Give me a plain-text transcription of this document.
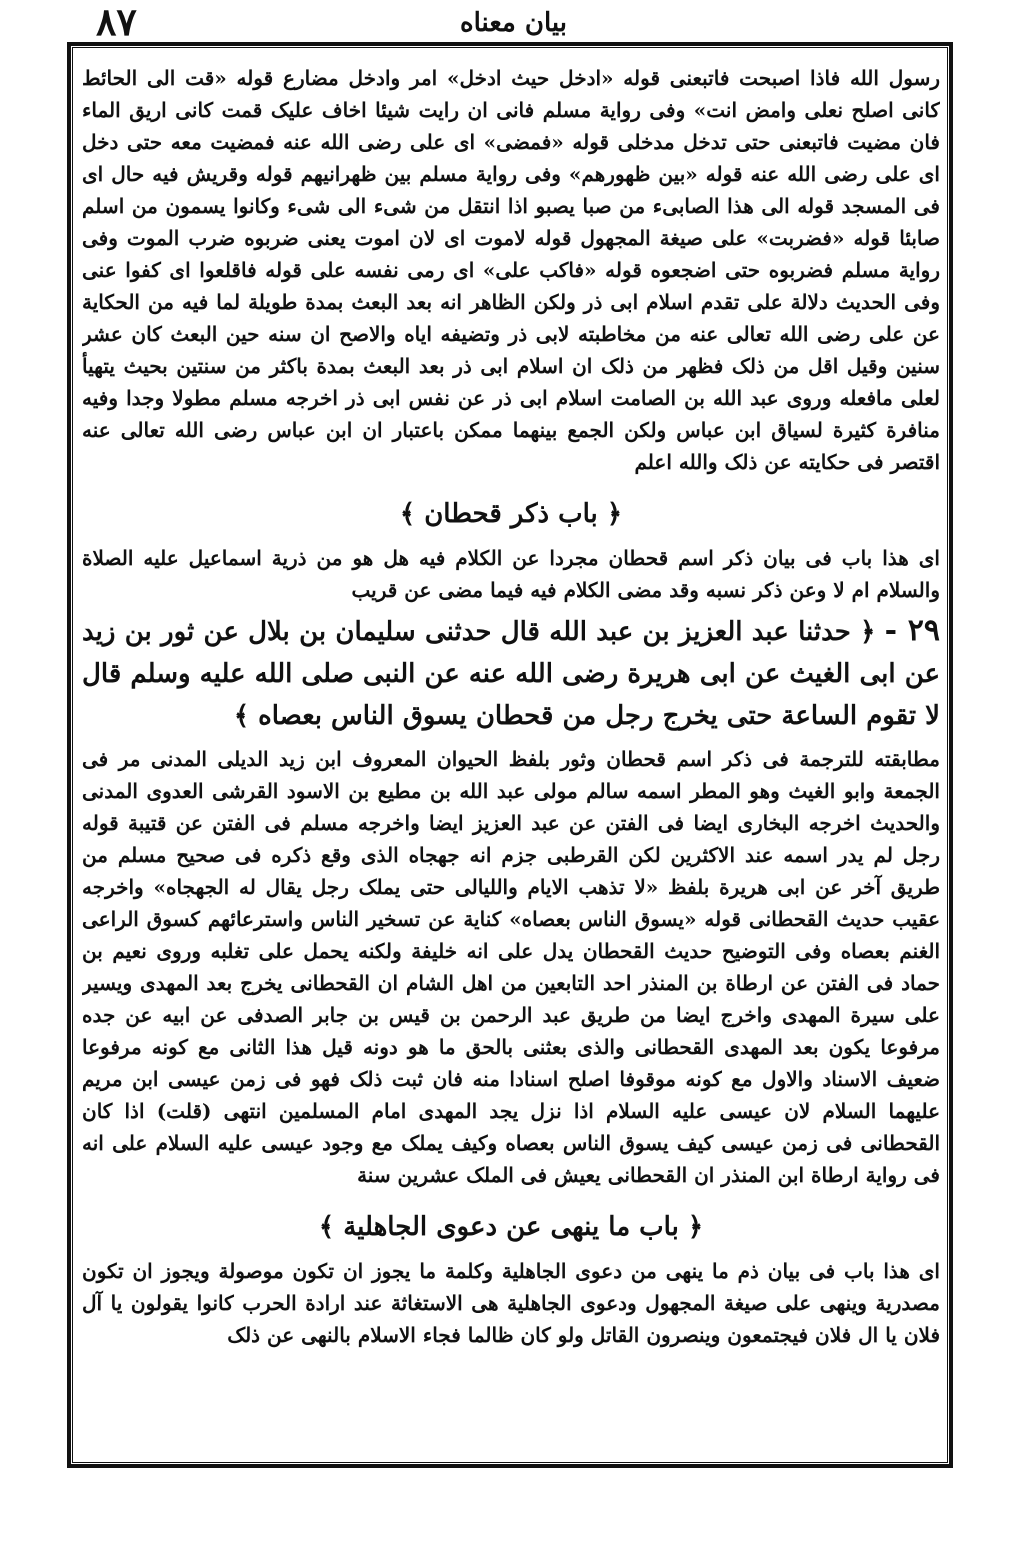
٨٧	بیان معناه

رسول الله فاذا اصبحت فاتبعنی قوله «ادخل حیث ادخل» امر وادخل مضارع قوله «قت الی الحائط کانی اصلح نعلی وامض انت» وفی روایة مسلم فانی ان رایت شیئا اخاف علیک قمت کانی اریق الماء فان مضیت فاتبعنی حتی تدخل مدخلی قوله «فمضی» ای علی رضی الله عنه فمضیت معه حتی دخل ای علی رضی الله عنه قوله «بین ظهورهم» وفی روایة مسلم بین ظهرانیهم قوله وقریش فیه حال ای فی المسجد قوله الی هذا الصابیء من صبا یصبو اذا انتقل من شیء الی شیء وکانوا یسمون من اسلم صابئا قوله «فضربت» علی صیغة المجهول قوله لاموت ای لان اموت یعنی ضربوه ضرب الموت وفی روایة مسلم فضربوه حتی اضجعوه قوله «فاکب علی» ای رمی نفسه علی قوله فاقلعوا ای کفوا عنی وفی الحدیث دلالة علی تقدم اسلام ابی ذر ولکن الظاهر انه بعد البعث بمدة طویلة لما فیه من الحکایة عن علی رضی الله تعالی عنه من مخاطبته لابی ذر وتضیفه ایاه والاصح ان سنه حین البعث کان عشر سنین وقیل اقل من ذلک فظهر من ذلک ان اسلام ابی ذر بعد البعث بمدة باکثر من سنتین بحیث یتهیأ لعلی مافعله وروی عبد الله بن الصامت اسلام ابی ذر عن نفس ابی ذر اخرجه مسلم مطولا وجدا وفیه منافرة کثیرة لسیاق ابن عباس ولکن الجمع بینهما ممکن باعتبار ان ابن عباس رضی الله تعالی عنه اقتصر فی حکایته عن ذلک والله اعلم

﴿ باب ذکر قحطان ﴾

ای هذا باب فی بیان ذکر اسم قحطان مجردا عن الکلام فیه هل هو من ذریة اسماعیل علیه الصلاة والسلام ام لا وعن ذکر نسبه وقد مضی الکلام فیه فیما مضی عن قریب

٢٩ - ﴿ حدثنا عبد العزیز بن عبد الله قال حدثنی سلیمان بن بلال عن ثور بن زید عن ابی الغیث عن ابی هریرة رضی الله عنه عن النبی صلی الله علیه وسلم قال لا تقوم الساعة حتی یخرج رجل من قحطان یسوق الناس بعصاه ﴾

مطابقته للترجمة فی ذکر اسم قحطان وثور بلفظ الحیوان المعروف ابن زید الدیلی المدنی مر فی الجمعة وابو الغیث وهو المطر اسمه سالم مولی عبد الله بن مطیع بن الاسود القرشی العدوی المدنی والحدیث اخرجه البخاری ایضا فی الفتن عن عبد العزیز ایضا واخرجه مسلم فی الفتن عن قتیبة قوله رجل لم یدر اسمه عند الاکثرین لکن القرطبی جزم انه جهجاه الذی وقع ذکره فی صحیح مسلم من طریق آخر عن ابی هریرة بلفظ «لا تذهب الایام واللیالی حتی یملک رجل یقال له الجهجاه» واخرجه عقیب حدیث القحطانی قوله «یسوق الناس بعصاه» کنایة عن تسخیر الناس واسترعائهم کسوق الراعی الغنم بعصاه وفی التوضیح حدیث القحطان یدل علی انه خلیفة ولکنه یحمل علی تغلبه وروی نعیم بن حماد فی الفتن عن ارطاة بن المنذر احد التابعین من اهل الشام ان القحطانی یخرج بعد المهدی ویسیر علی سیرة المهدی واخرج ایضا من طریق عبد الرحمن بن قیس بن جابر الصدفی عن ابیه عن جده مرفوعا یکون بعد المهدی القحطانی والذی بعثنی بالحق ما هو دونه قیل هذا الثانی مع کونه مرفوعا ضعیف الاسناد والاول مع کونه موقوفا اصلح اسنادا منه فان ثبت ذلک فهو فی زمن عیسی ابن مریم علیهما السلام لان عیسی علیه السلام اذا نزل یجد المهدی امام المسلمین انتهی (قلت) اذا کان القحطانی فی زمن عیسی کیف یسوق الناس بعصاه وکیف یملک مع وجود عیسی علیه السلام علی انه فی روایة ارطاة ابن المنذر ان القحطانی یعیش فی الملک عشرین سنة

﴿ باب ما ینهی عن دعوی الجاهلیة ﴾

ای هذا باب فی بیان ذم ما ینهی من دعوی الجاهلیة وکلمة ما یجوز ان تکون موصولة ویجوز ان تکون مصدریة وینهی علی صیغة المجهول ودعوی الجاهلیة هی الاستغاثة عند ارادة الحرب کانوا یقولون یا آل فلان یا ال فلان فیجتمعون وینصرون القاتل ولو کان ظالما فجاء الاسلام بالنهی عن ذلک
